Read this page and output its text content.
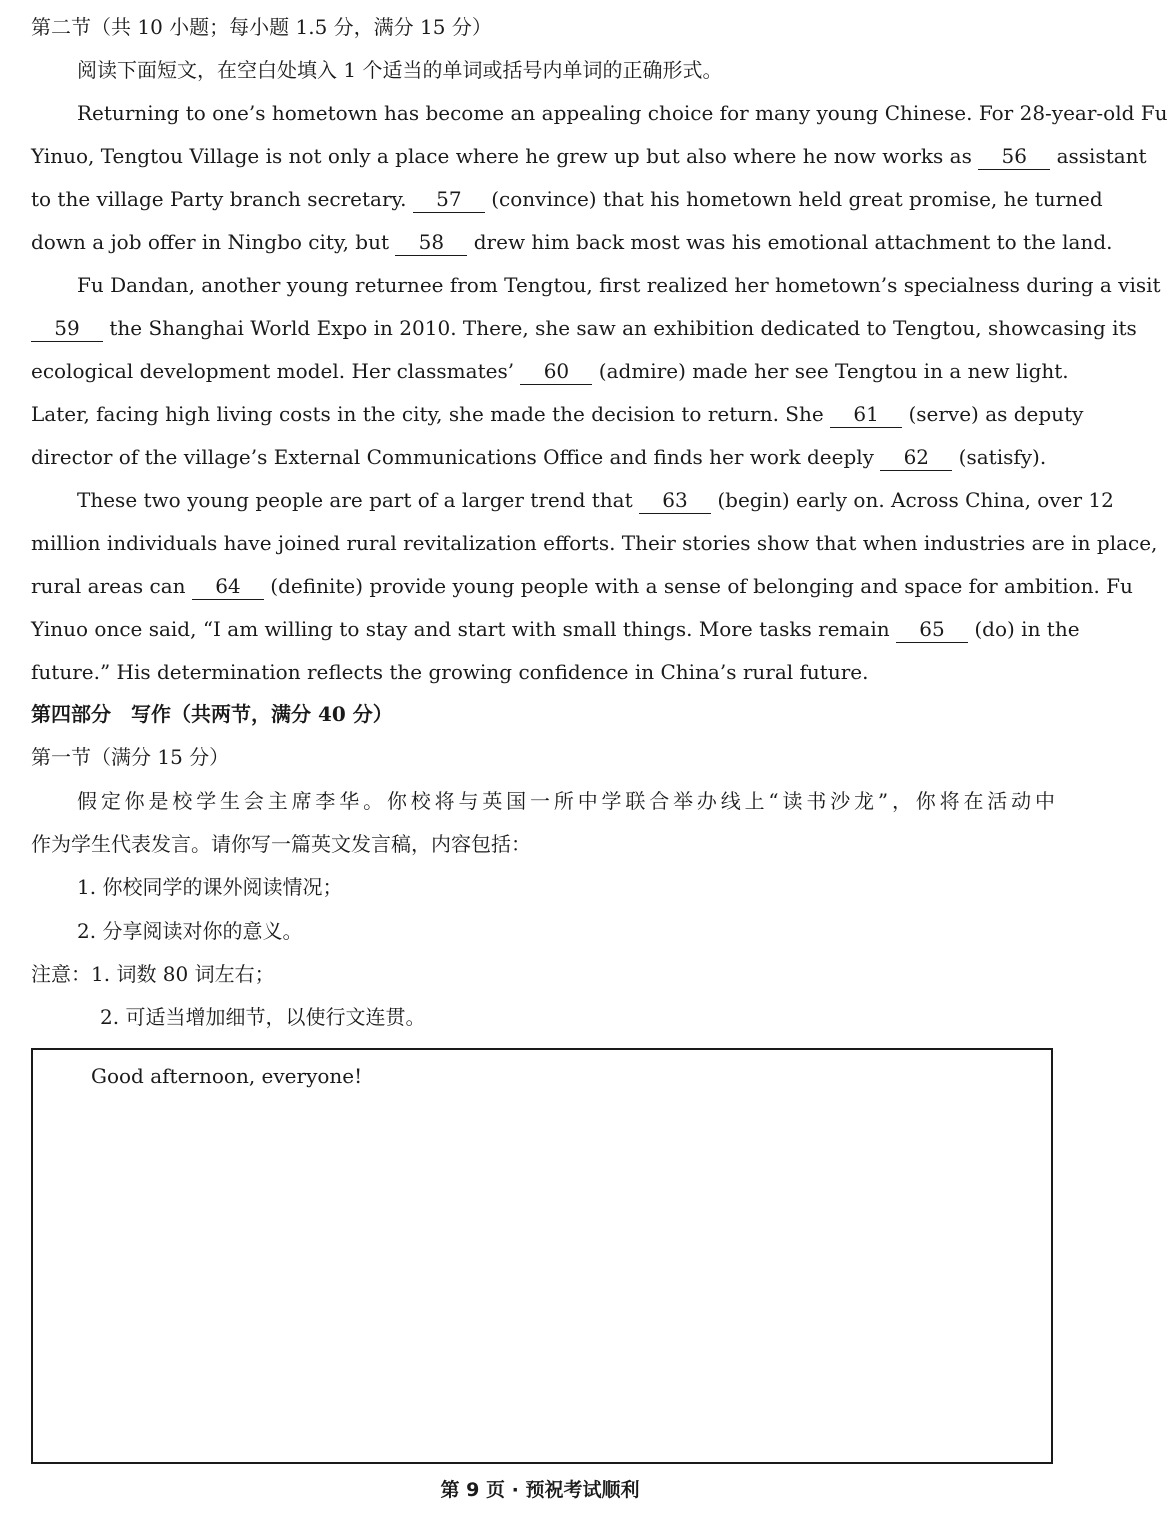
第二节（共 10 小题；每小题 1.5 分，满分 15 分）
阅读下面短文，在空白处填入 1 个适当的单词或括号内单词的正确形式。
Returning to one’s hometown has become an appealing choice for many young Chinese. For 28-year-old Fu
Yinuo, Tengtou Village is not only a place where he grew up but also where he now works as 56 assistant
to the village Party branch secretary. 57 (convince) that his hometown held great promise, he turned
down a job offer in Ningbo city, but 58 drew him back most was his emotional attachment to the land.
Fu Dandan, another young returnee from Tengtou, first realized her hometown’s specialness during a visit
59 the Shanghai World Expo in 2010. There, she saw an exhibition dedicated to Tengtou, showcasing its
ecological development model. Her classmates’ 60 (admire) made her see Tengtou in a new light.
Later, facing high living costs in the city, she made the decision to return. She 61 (serve) as deputy
director of the village’s External Communications Office and finds her work deeply 62 (satisfy).
These two young people are part of a larger trend that 63 (begin) early on. Across China, over 12
million individuals have joined rural revitalization efforts. Their stories show that when industries are in place,
rural areas can 64 (definite) provide young people with a sense of belonging and space for ambition. Fu
Yinuo once said, “I am willing to stay and start with small things. More tasks remain 65 (do) in the
future.” His determination reflects the growing confidence in China’s rural future.
第四部分　写作（共两节，满分 40 分）
第一节（满分 15 分）
假定你是校学生会主席李华。你校将与英国一所中学联合举办线上“读书沙龙”，你将在活动中
作为学生代表发言。请你写一篇英文发言稿，内容包括：
1. 你校同学的课外阅读情况；
2. 分享阅读对你的意义。
注意：1. 词数 80 词左右；
2. 可适当增加细节，以使行文连贯。
Good afternoon, everyone!
第 9 页 · 预祝考试顺利
